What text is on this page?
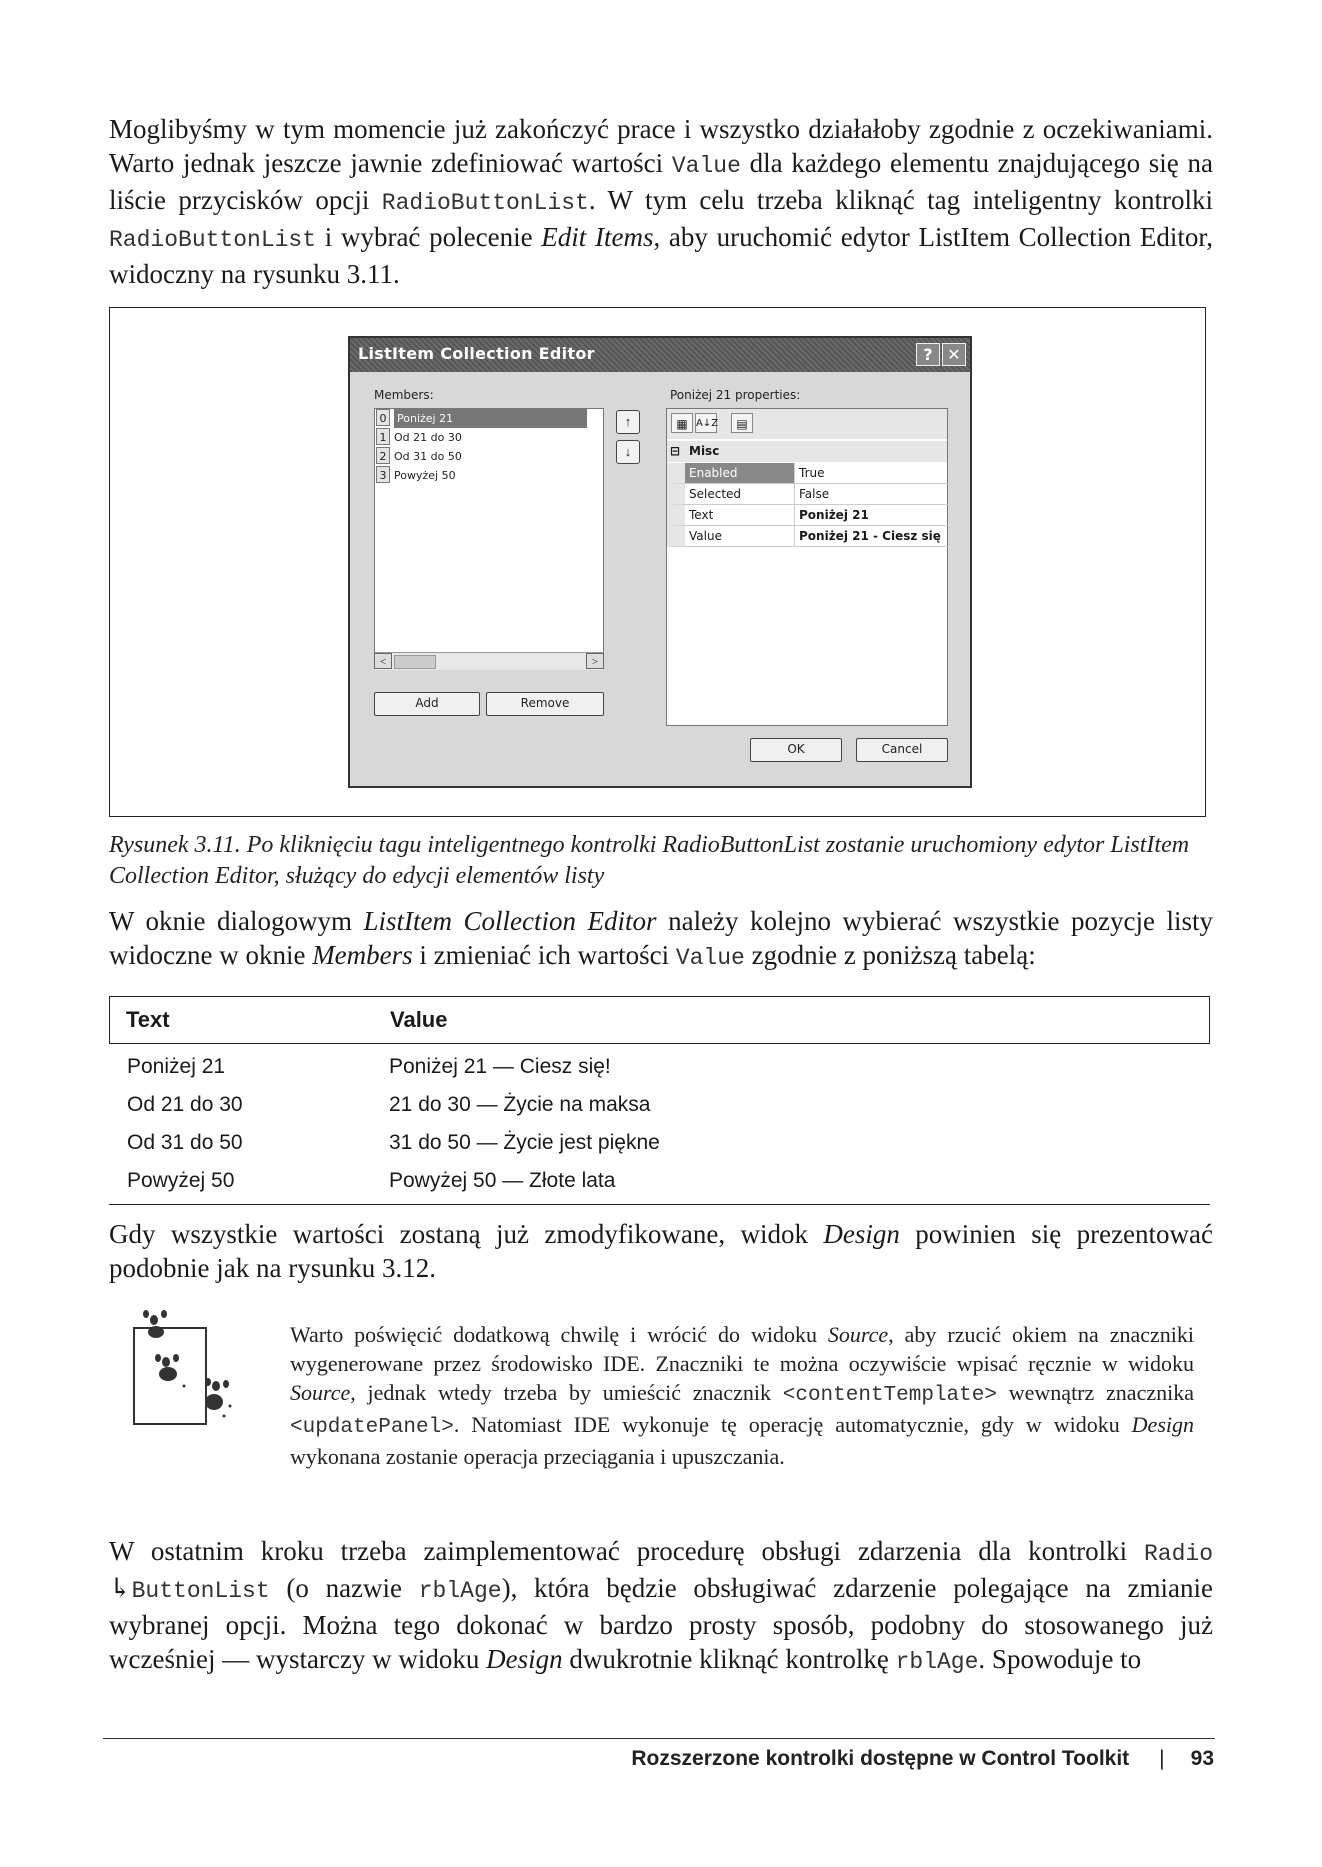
Moglibyśmy w tym momencie już zakończyć prace i wszystko działałoby zgodnie z oczekiwaniami. Warto jednak jeszcze jawnie zdefiniować wartości Value dla każdego elementu znajdującego się na liście przycisków opcji RadioButtonList. W tym celu trzeba kliknąć tag inteligentny kontrolki RadioButtonList i wybrać polecenie Edit Items, aby uruchomić edytor ListItem Collection Editor, widoczny na rysunku 3.11.

ListItem Collection Editor	? ✕
Members:	Poniżej 21 properties:
0 Poniżej 21
1 Od 21 do 30
2 Od 31 do 50
3 Powyżej 50
<	>
↑
↓
Add	Remove
▦ A↓Z	▤
⊟ Misc
Enabled	True
Selected	False
Text	Poniżej 21
Value	Poniżej 21 - Ciesz się
OK	Cancel

Rysunek 3.11. Po kliknięciu tagu inteligentnego kontrolki RadioButtonList zostanie uruchomiony edytor ListItem Collection Editor, służący do edycji elementów listy

W oknie dialogowym ListItem Collection Editor należy kolejno wybierać wszystkie pozycje listy widoczne w oknie Members i zmieniać ich wartości Value zgodnie z poniższą tabelą:

Text	Value
Poniżej 21	Poniżej 21 — Ciesz się!
Od 21 do 30	21 do 30 — Życie na maksa
Od 31 do 50	31 do 50 — Życie jest piękne
Powyżej 50	Powyżej 50 — Złote lata

Gdy wszystkie wartości zostaną już zmodyfikowane, widok Design powinien się prezentować podobnie jak na rysunku 3.12.

Warto poświęcić dodatkową chwilę i wrócić do widoku Source, aby rzucić okiem na znaczniki wygenerowane przez środowisko IDE. Znaczniki te można oczywiście wpisać ręcznie w widoku Source, jednak wtedy trzeba by umieścić znacznik <contentTemplate> wewnątrz znacznika <updatePanel>. Natomiast IDE wykonuje tę operację automatycznie, gdy w widoku Design wykonana zostanie operacja przeciągania i upuszczania.

W ostatnim kroku trzeba zaimplementować procedurę obsługi zdarzenia dla kontrolki Radio ↳ButtonList (o nazwie rblAge), która będzie obsługiwać zdarzenie polegające na zmianie wybranej opcji. Można tego dokonać w bardzo prosty sposób, podobny do stosowanego już wcześniej — wystarczy w widoku Design dwukrotnie kliknąć kontrolkę rblAge. Spowoduje to

Rozszerzone kontrolki dostępne w Control Toolkit | 93
